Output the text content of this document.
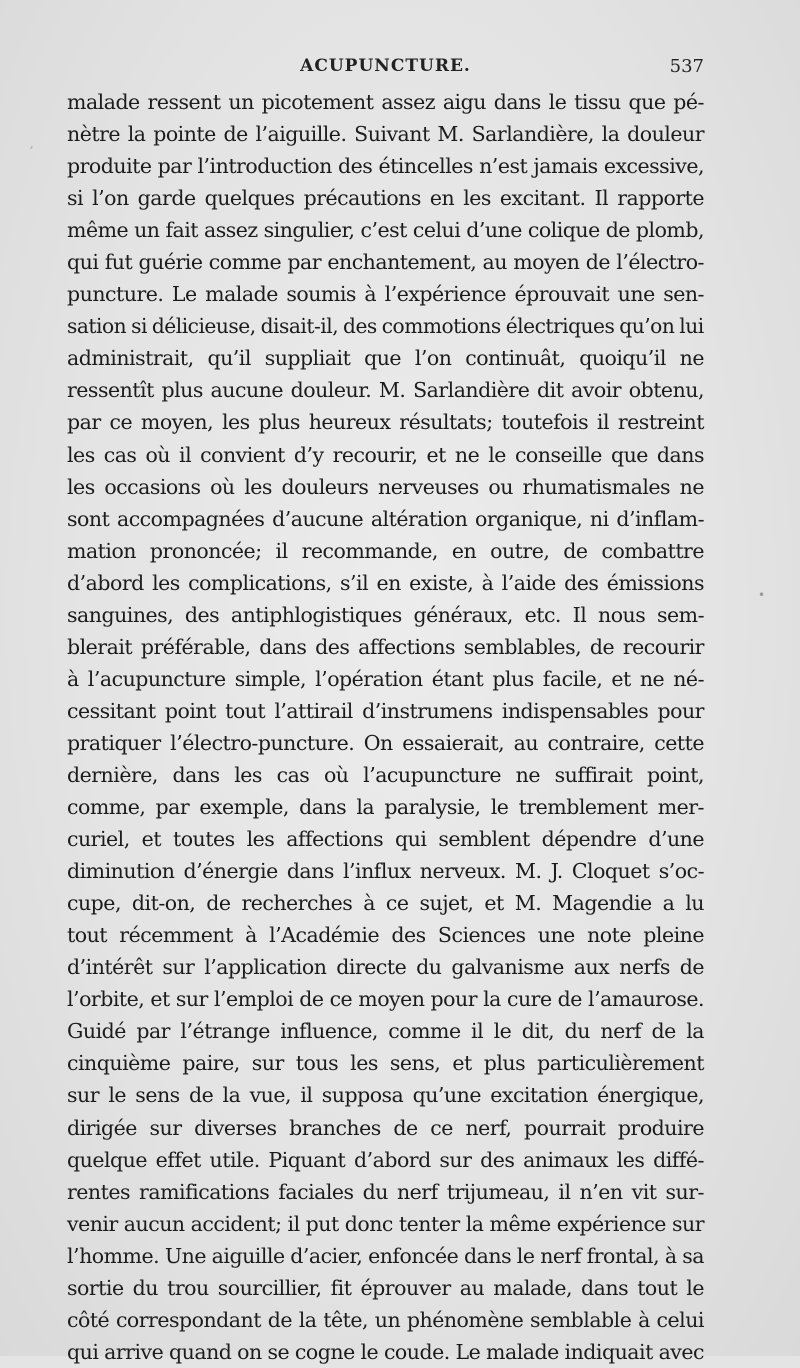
ACUPUNCTURE.	537
malade ressent un picotement assez aigu dans le tissu que pé-
nètre la pointe de l’aiguille. Suivant M. Sarlandière, la douleur
produite par l’introduction des étincelles n’est jamais excessive,
si l’on garde quelques précautions en les excitant. Il rapporte
même un fait assez singulier, c’est celui d’une colique de plomb,
qui fut guérie comme par enchantement, au moyen de l’électro-
puncture. Le malade soumis à l’expérience éprouvait une sen-
sation si délicieuse, disait-il, des commotions électriques qu’on lui
administrait, qu’il suppliait que l’on continuât, quoiqu’il ne
ressentît plus aucune douleur. M. Sarlandière dit avoir obtenu,
par ce moyen, les plus heureux résultats; toutefois il restreint
les cas où il convient d’y recourir, et ne le conseille que dans
les occasions où les douleurs nerveuses ou rhumatismales ne
sont accompagnées d’aucune altération organique, ni d’inflam-
mation prononcée; il recommande, en outre, de combattre
d’abord les complications, s’il en existe, à l’aide des émissions
sanguines, des antiphlogistiques généraux, etc. Il nous sem-
blerait préférable, dans des affections semblables, de recourir
à l’acupuncture simple, l’opération étant plus facile, et ne né-
cessitant point tout l’attirail d’instrumens indispensables pour
pratiquer l’électro-puncture. On essaierait, au contraire, cette
dernière, dans les cas où l’acupuncture ne suffirait point,
comme, par exemple, dans la paralysie, le tremblement mer-
curiel, et toutes les affections qui semblent dépendre d’une
diminution d’énergie dans l’influx nerveux. M. J. Cloquet s’oc-
cupe, dit-on, de recherches à ce sujet, et M. Magendie a lu
tout récemment à l’Académie des Sciences une note pleine
d’intérêt sur l’application directe du galvanisme aux nerfs de
l’orbite, et sur l’emploi de ce moyen pour la cure de l’amaurose.
Guidé par l’étrange influence, comme il le dit, du nerf de la
cinquième paire, sur tous les sens, et plus particulièrement
sur le sens de la vue, il supposa qu’une excitation énergique,
dirigée sur diverses branches de ce nerf, pourrait produire
quelque effet utile. Piquant d’abord sur des animaux les diffé-
rentes ramifications faciales du nerf trijumeau, il n’en vit sur-
venir aucun accident; il put donc tenter la même expérience sur
l’homme. Une aiguille d’acier, enfoncée dans le nerf frontal, à sa
sortie du trou sourcillier, fit éprouver au malade, dans tout le
côté correspondant de la tête, un phénomène semblable à celui
qui arrive quand on se cogne le coude. Le malade indiquait avec
′
•
